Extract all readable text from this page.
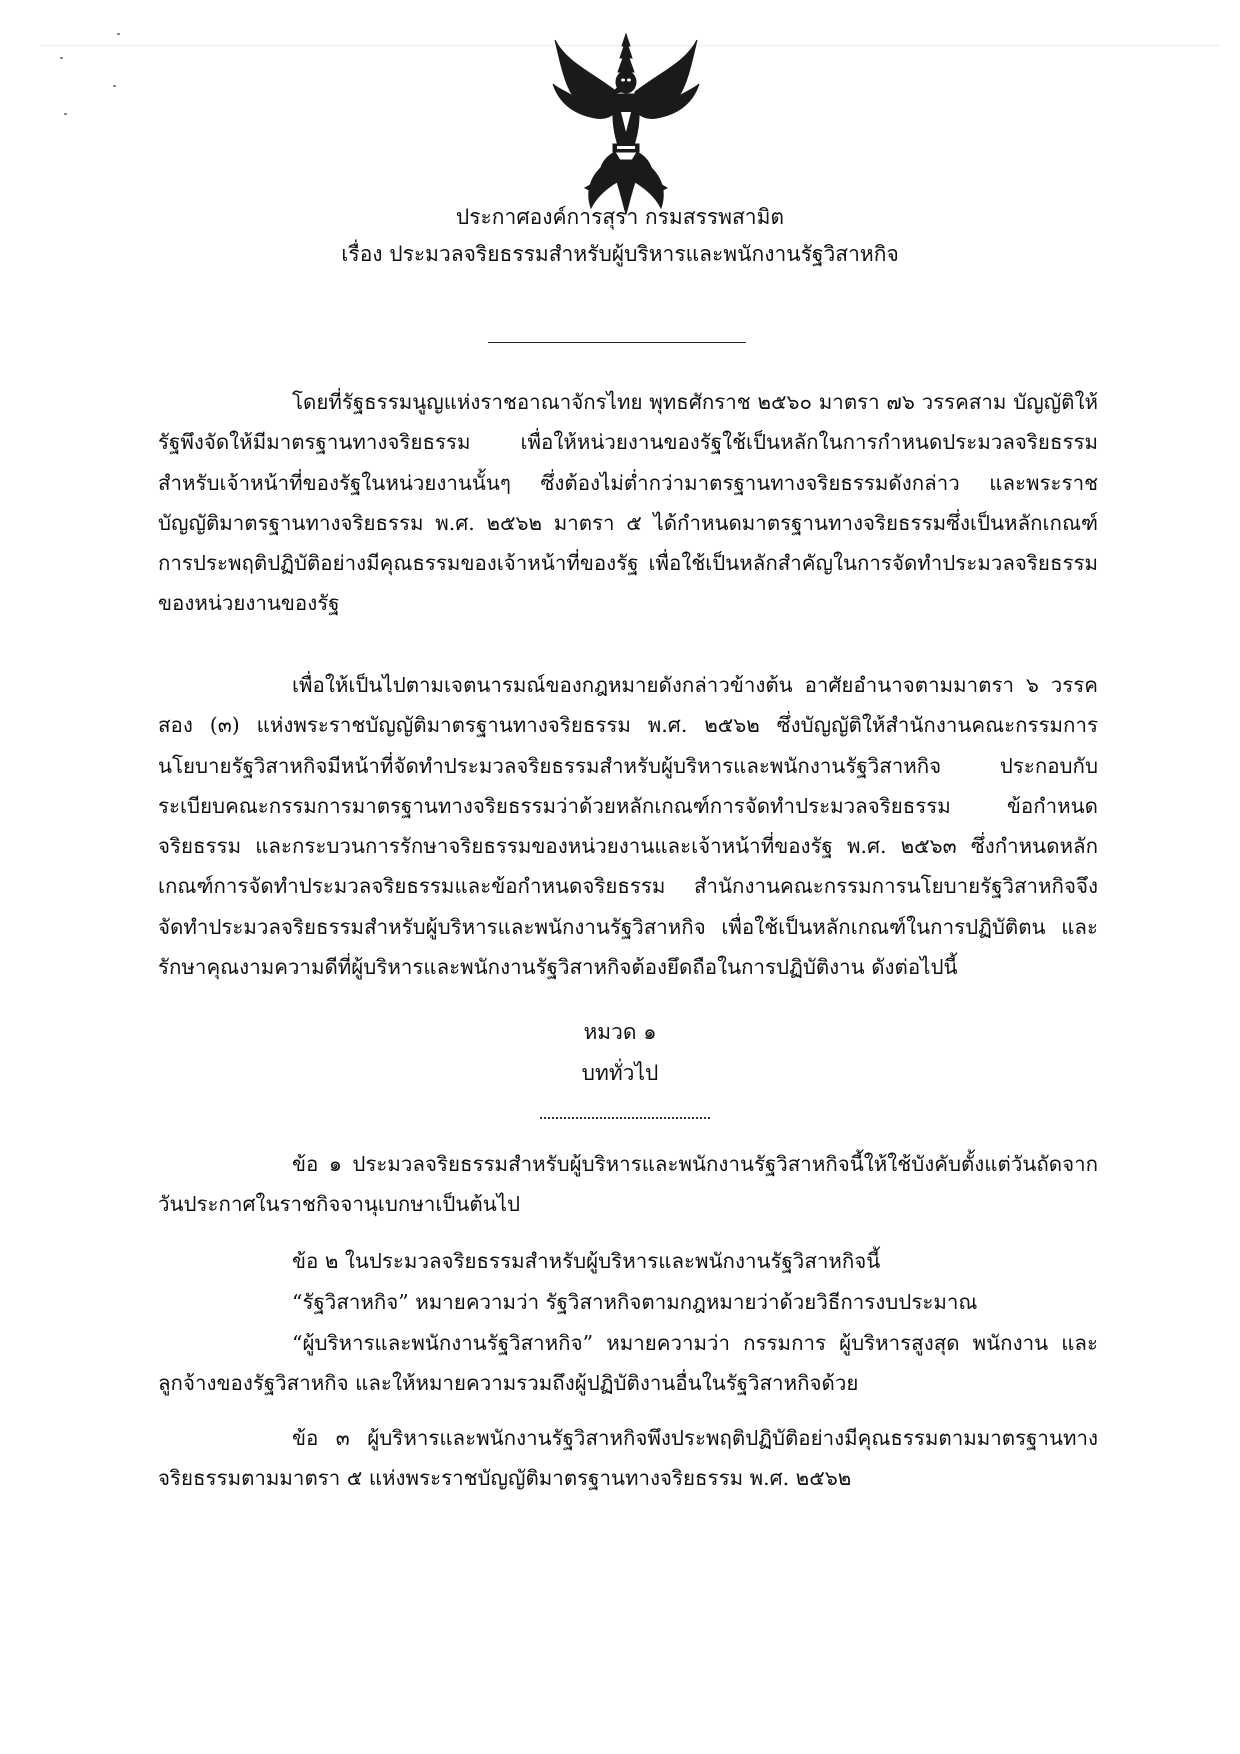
ประกาศองค์การสุรา กรมสรรพสามิต
เรื่อง ประมวลจริยธรรมสำหรับผู้บริหารและพนักงานรัฐวิสาหกิจ

โดยที่รัฐธรรมนูญแห่งราชอาณาจักรไทย พุทธศักราช ๒๕๖๐ มาตรา ๗๖ วรรคสาม บัญญัติให้รัฐพึงจัดให้มีมาตรฐานทางจริยธรรม เพื่อให้หน่วยงานของรัฐใช้เป็นหลักในการกำหนดประมวลจริยธรรมสำหรับเจ้าหน้าที่ของรัฐในหน่วยงานนั้นๆ ซึ่งต้องไม่ต่ำกว่ามาตรฐานทางจริยธรรมดังกล่าว และพระราชบัญญัติมาตรฐานทางจริยธรรม พ.ศ. ๒๕๖๒ มาตรา ๕ ได้กำหนดมาตรฐานทางจริยธรรมซึ่งเป็นหลักเกณฑ์การประพฤติปฏิบัติอย่างมีคุณธรรมของเจ้าหน้าที่ของรัฐ เพื่อใช้เป็นหลักสำคัญในการจัดทำประมวลจริยธรรมของหน่วยงานของรัฐ

เพื่อให้เป็นไปตามเจตนารมณ์ของกฎหมายดังกล่าวข้างต้น อาศัยอำนาจตามมาตรา ๖ วรรคสอง (๓) แห่งพระราชบัญญัติมาตรฐานทางจริยธรรม พ.ศ. ๒๕๖๒ ซึ่งบัญญัติให้สำนักงานคณะกรรมการนโยบายรัฐวิสาหกิจมีหน้าที่จัดทำประมวลจริยธรรมสำหรับผู้บริหารและพนักงานรัฐวิสาหกิจ ประกอบกับระเบียบคณะกรรมการมาตรฐานทางจริยธรรมว่าด้วยหลักเกณฑ์การจัดทำประมวลจริยธรรม ข้อกำหนดจริยธรรม และกระบวนการรักษาจริยธรรมของหน่วยงานและเจ้าหน้าที่ของรัฐ พ.ศ. ๒๕๖๓ ซึ่งกำหนดหลักเกณฑ์การจัดทำประมวลจริยธรรมและข้อกำหนดจริยธรรม สำนักงานคณะกรรมการนโยบายรัฐวิสาหกิจจึงจัดทำประมวลจริยธรรมสำหรับผู้บริหารและพนักงานรัฐวิสาหกิจ เพื่อใช้เป็นหลักเกณฑ์ในการปฏิบัติตน และรักษาคุณงามความดีที่ผู้บริหารและพนักงานรัฐวิสาหกิจต้องยึดถือในการปฏิบัติงาน ดังต่อไปนี้

หมวด ๑
บททั่วไป

ข้อ ๑ ประมวลจริยธรรมสำหรับผู้บริหารและพนักงานรัฐวิสาหกิจนี้ให้ใช้บังคับตั้งแต่วันถัดจากวันประกาศในราชกิจจานุเบกษาเป็นต้นไป

ข้อ ๒ ในประมวลจริยธรรมสำหรับผู้บริหารและพนักงานรัฐวิสาหกิจนี้

“รัฐวิสาหกิจ” หมายความว่า รัฐวิสาหกิจตามกฎหมายว่าด้วยวิธีการงบประมาณ

“ผู้บริหารและพนักงานรัฐวิสาหกิจ” หมายความว่า กรรมการ ผู้บริหารสูงสุด พนักงาน และลูกจ้างของรัฐวิสาหกิจ และให้หมายความรวมถึงผู้ปฏิบัติงานอื่นในรัฐวิสาหกิจด้วย

ข้อ ๓ ผู้บริหารและพนักงานรัฐวิสาหกิจพึงประพฤติปฏิบัติอย่างมีคุณธรรมตามมาตรฐานทางจริยธรรมตามมาตรา ๕ แห่งพระราชบัญญัติมาตรฐานทางจริยธรรม พ.ศ. ๒๕๖๒
